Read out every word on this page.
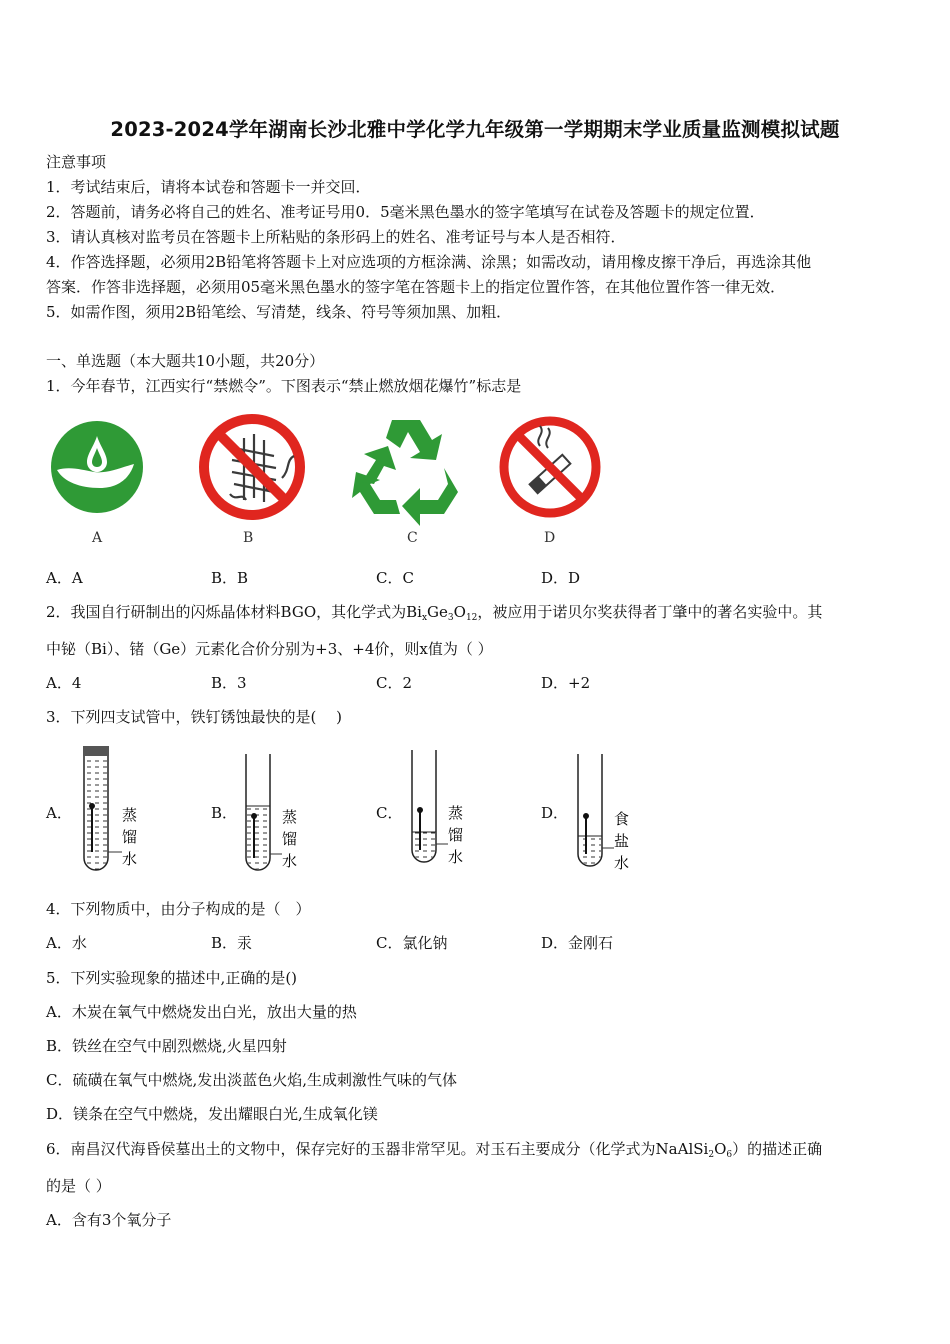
2023-2024学年湖南长沙北雅中学化学九年级第一学期期末学业质量监测模拟试题
注意事项
1．考试结束后，请将本试卷和答题卡一并交回．
2．答题前，请务必将自己的姓名、准考证号用0．5毫米黑色墨水的签字笔填写在试卷及答题卡的规定位置．
3．请认真核对监考员在答题卡上所粘贴的条形码上的姓名、准考证号与本人是否相符．
4．作答选择题，必须用2B铅笔将答题卡上对应选项的方框涂满、涂黑；如需改动，请用橡皮擦干净后，再选涂其他
答案．作答非选择题，必须用05毫米黑色墨水的签字笔在答题卡上的指定位置作答，在其他位置作答一律无效．
5．如需作图，须用2B铅笔绘、写清楚，线条、符号等须加黑、加粗．
一、单选题（本大题共10小题，共20分）
1．今年春节，江西实行“禁燃令”。下图表示“禁止燃放烟花爆竹”标志是
A	B	C	D
A．A	B．B	C．C	D．D
2．我国自行研制出的闪烁晶体材料BGO，其化学式为$Bi_xGe_3O_{12}$，被应用于诺贝尔奖获得者丁肇中的著名实验中。其
中铋（Bi）、锗（Ge）元素化合价分别为+3、+4价，则x值为（ ）
A．4	B．3	C．2	D．+2
3．下列四支试管中，铁钉锈蚀最快的是(　 )
A．	B．	C．	D．
蒸
馏
水
蒸
馏
水
蒸
馏
水
食
盐
水
4．下列物质中，由分子构成的是（　）
A．水	B．汞	C．氯化钠	D．金刚石
5．下列实验现象的描述中,正确的是()
A．木炭在氧气中燃烧发出白光，放出大量的热
B．铁丝在空气中剧烈燃烧,火星四射
C．硫磺在氧气中燃烧,发出淡蓝色火焰,生成刺激性气味的气体
D．镁条在空气中燃烧，发出耀眼白光,生成氧化镁
6．南昌汉代海昏侯墓出土的文物中，保存完好的玉器非常罕见。对玉石主要成分（化学式为$NaAlSi_2O_6$）的描述正确
的是（ ）
A．含有3个氧分子
